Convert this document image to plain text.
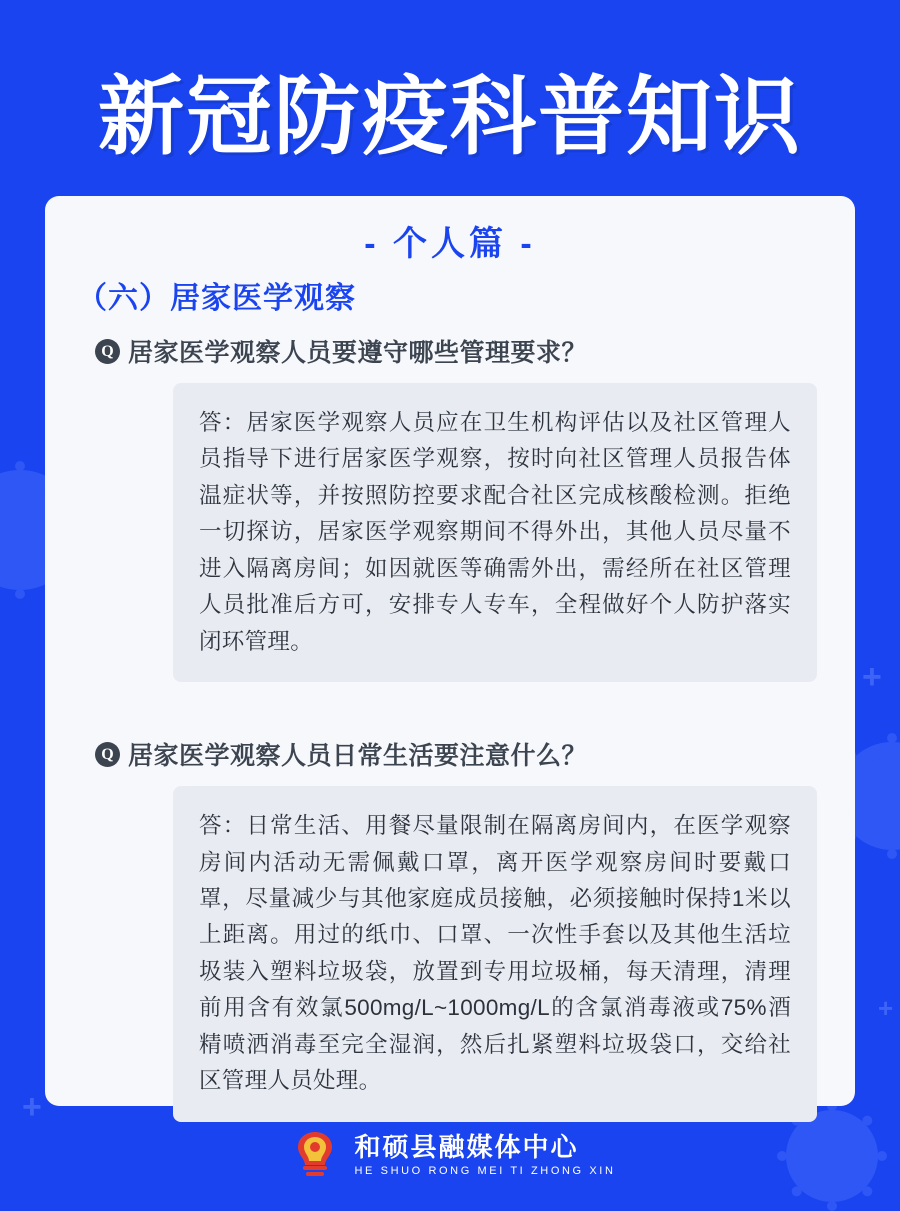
+
+
+
新冠防疫科普知识
- 个人篇 -
（六）居家医学观察
Q 居家医学观察人员要遵守哪些管理要求？
答：居家医学观察人员应在卫生机构评估以及社区管理人员指导下进行居家医学观察，按时向社区管理人员报告体温症状等，并按照防控要求配合社区完成核酸检测。拒绝一切探访，居家医学观察期间不得外出，其他人员尽量不进入隔离房间；如因就医等确需外出，需经所在社区管理人员批准后方可，安排专人专车，全程做好个人防护落实闭环管理。
Q 居家医学观察人员日常生活要注意什么？
答：日常生活、用餐尽量限制在隔离房间内，在医学观察房间内活动无需佩戴口罩，离开医学观察房间时要戴口罩，尽量减少与其他家庭成员接触，必须接触时保持1米以上距离。用过的纸巾、口罩、一次性手套以及其他生活垃圾装入塑料垃圾袋，放置到专用垃圾桶，每天清理，清理前用含有效氯500mg/L~1000mg/L的含氯消毒液或75%酒精喷洒消毒至完全湿润，然后扎紧塑料垃圾袋口，交给社区管理人员处理。
和硕县融媒体中心
HE SHUO RONG MEI TI ZHONG XIN
